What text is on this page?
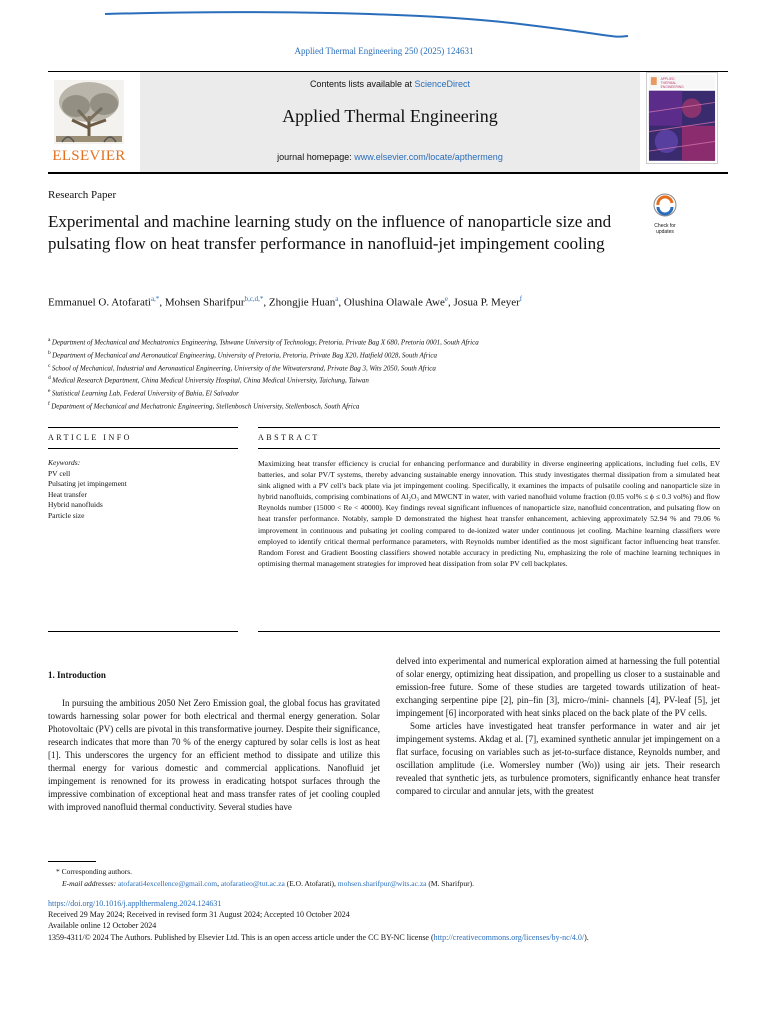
Applied Thermal Engineering 250 (2025) 124631
ELSEVIER
Contents lists available at ScienceDirect
Applied Thermal Engineering
journal homepage: www.elsevier.com/locate/apthermeng
APPLIED
THERMAL
ENGINEERING
Research Paper
Check for updates
Experimental and machine learning study on the influence of nanoparticle size and pulsating flow on heat transfer performance in nanofluid-jet impingement cooling
Emmanuel O. Atofarati$^{a,*}$, Mohsen Sharifpur$^{b,c,d,*}$, Zhongjie Huan$^a$, Olushina Olawale Awe$^e$, Josua P. Meyer$^f$
$^a$ Department of Mechanical and Mechatronics Engineering, Tshwane University of Technology, Pretoria, Private Bag X 680, Pretoria 0001, South Africa
$^b$ Department of Mechanical and Aeronautical Engineering, University of Pretoria, Pretoria, Private Bag X20, Hatfield 0028, South Africa
$^c$ School of Mechanical, Industrial and Aeronautical Engineering, University of the Witwatersrand, Private Bag 3, Wits 2050, South Africa
$^d$ Medical Research Department, China Medical University Hospital, China Medical University, Taichung, Taiwan
$^e$ Statistical Learning Lab, Federal University of Bahia, El Salvador
$^f$ Department of Mechanical and Mechatronic Engineering, Stellenbosch University, Stellenbosch, South Africa
ARTICLE INFO	ABSTRACT
Keywords:
PV cell
Pulsating jet impingement
Heat transfer
Hybrid nanofluids
Particle size
Maximizing heat transfer efficiency is crucial for enhancing performance and durability in diverse engineering applications, including fuel cells, EV batteries, and solar PV/T systems, thereby advancing sustainable energy innovation. This study investigates thermal dissipation from a simulated heat sink aligned with a PV cell’s back plate via jet impingement cooling. Specifically, it examines the impacts of pulsatile cooling and nanoparticle size in hybrid nanofluids, comprising combinations of Al₂O₃ and MWCNT in water, with varied nanofluid volume fraction (0.05 vol% ≤ ϕ ≤ 0.3 vol%) and flow Reynolds number (15000 < Re < 40000). Key findings reveal significant influences of nanoparticle size, nanofluid concentration, and pulsating flow on heat transfer performance. Notably, sample D demonstrated the highest heat transfer enhancement, achieving approximately 52.94 % and 79.06 % improvement in continuous and pulsating jet cooling compared to de-ionized water under continuous jet cooling. Machine learning classifiers were employed to identify critical thermal performance parameters, with Reynolds number identified as the most significant factor influencing heat transfer. Random Forest and Gradient Boosting classifiers showed notable accuracy in predicting Nu, emphasizing the role of machine learning techniques in optimising thermal management strategies for improved heat dissipation from solar PV cell backplates.
1. Introduction

In pursuing the ambitious 2050 Net Zero Emission goal, the global focus has gravitated towards harnessing solar power for both electrical and thermal energy generation. Solar Photovoltaic (PV) cells are pivotal in this transformative journey. Despite their significance, research indicates that more than 70 % of the energy captured by solar cells is lost as heat [1]. This underscores the urgency for an efficient method to dissipate and utilize this thermal energy for various domestic and commercial applications. Nanofluid jet impingement is renowned for its prowess in eradicating hotspot surfaces through the impressive combination of exceptional heat and mass transfer rates of jet cooling coupled with improved nanofluid thermal conductivity. Several studies have

delved into experimental and numerical exploration aimed at harnessing the full potential of solar energy, optimizing heat dissipation, and propelling us closer to a sustainable and emission-free future. Some of these studies are targeted towards utilization of heat-exchanging serpentine pipe [2], pin–fin [3], micro-/mini- channels [4], PV-leaf [5], jet impingement [6] incorporated with heat sinks placed on the back plate of the PV cells.

Some articles have investigated heat transfer performance in water and air jet impingement systems. Akdag et al. [7], examined synthetic annular jet impingement on a flat surface, focusing on variables such as jet-to-surface distance, Reynolds number, and oscillation amplitude (i.e. Womersley number (Wo)) using air jets. Their research revealed that synthetic jets, as turbulence promoters, significantly enhance heat transfer compared to circular and annular jets, with the greatest

* Corresponding authors.
E-mail addresses: atofarati4excellence@gmail.com, atofaratieo@tut.ac.za (E.O. Atofarati), mohsen.sharifpur@wits.ac.za (M. Sharifpur).
https://doi.org/10.1016/j.applthermaleng.2024.124631
Received 29 May 2024; Received in revised form 31 August 2024; Accepted 10 October 2024
Available online 12 October 2024
1359-4311/© 2024 The Authors. Published by Elsevier Ltd. This is an open access article under the CC BY-NC license (http://creativecommons.org/licenses/by-nc/4.0/).
